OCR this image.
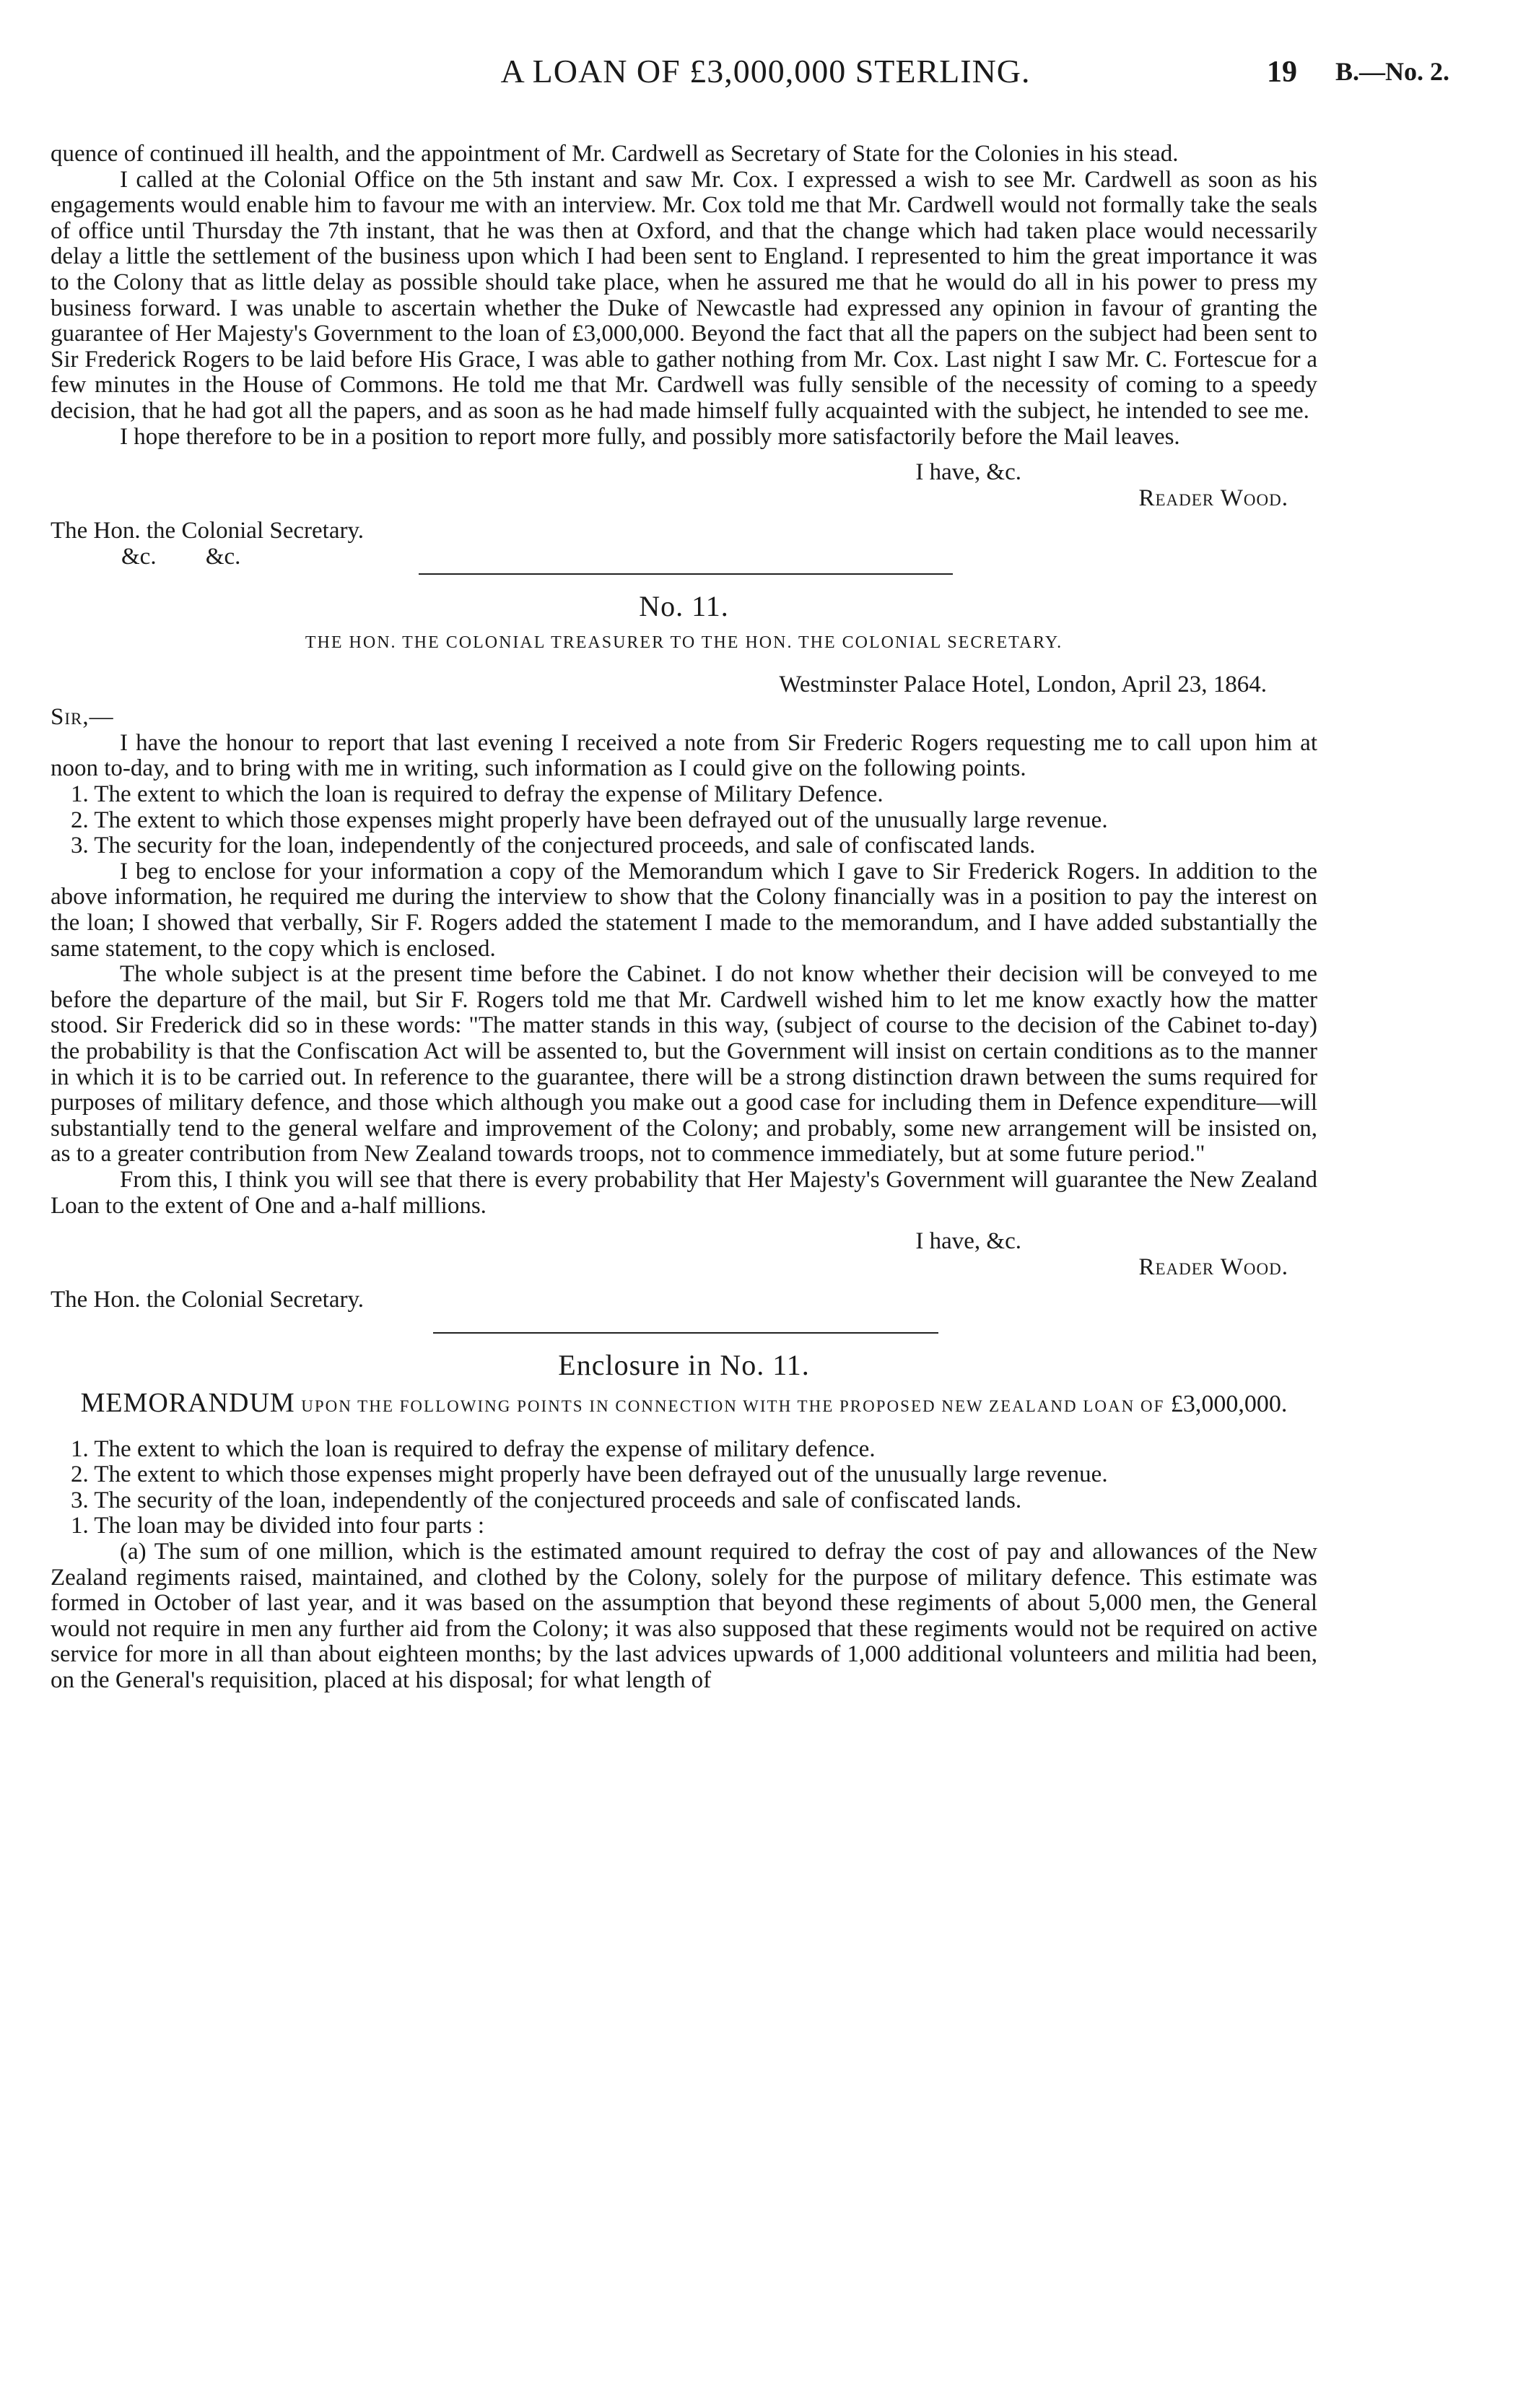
A LOAN OF £3,000,000 STERLING.	19 B.—No. 2.

quence of continued ill health, and the appointment of Mr. Cardwell as Secretary of State for the Colonies in his stead.

I called at the Colonial Office on the 5th instant and saw Mr. Cox. I expressed a wish to see Mr. Cardwell as soon as his engagements would enable him to favour me with an interview. Mr. Cox told me that Mr. Cardwell would not formally take the seals of office until Thursday the 7th instant, that he was then at Oxford, and that the change which had taken place would necessarily delay a little the settlement of the business upon which I had been sent to England. I represented to him the great importance it was to the Colony that as little delay as possible should take place, when he assured me that he would do all in his power to press my business forward. I was unable to ascertain whether the Duke of Newcastle had expressed any opinion in favour of granting the guarantee of Her Majesty's Government to the loan of £3,000,000. Beyond the fact that all the papers on the subject had been sent to Sir Frederick Rogers to be laid before His Grace, I was able to gather nothing from Mr. Cox. Last night I saw Mr. C. Fortescue for a few minutes in the House of Commons. He told me that Mr. Cardwell was fully sensible of the necessity of coming to a speedy decision, that he had got all the papers, and as soon as he had made himself fully acquainted with the subject, he intended to see me.

I hope therefore to be in a position to report more fully, and possibly more satisfactorily before the Mail leaves.

I have, &c.

Reader Wood.

The Hon. the Colonial Secretary.

&c. &c.

No. 11.
THE HON. THE COLONIAL TREASURER TO THE HON. THE COLONIAL SECRETARY.

Westminster Palace Hotel, London, April 23, 1864.

Sir,—

I have the honour to report that last evening I received a note from Sir Frederic Rogers requesting me to call upon him at noon to-day, and to bring with me in writing, such information as I could give on the following points.

1. The extent to which the loan is required to defray the expense of Military Defence.

2. The extent to which those expenses might properly have been defrayed out of the unusually large revenue.

3. The security for the loan, independently of the conjectured proceeds, and sale of confiscated lands.

I beg to enclose for your information a copy of the Memorandum which I gave to Sir Frederick Rogers. In addition to the above information, he required me during the interview to show that the Colony financially was in a position to pay the interest on the loan; I showed that verbally, Sir F. Rogers added the statement I made to the memorandum, and I have added substantially the same statement, to the copy which is enclosed.

The whole subject is at the present time before the Cabinet. I do not know whether their decision will be conveyed to me before the departure of the mail, but Sir F. Rogers told me that Mr. Cardwell wished him to let me know exactly how the matter stood. Sir Frederick did so in these words: "The matter stands in this way, (subject of course to the decision of the Cabinet to-day) the probability is that the Confiscation Act will be assented to, but the Government will insist on certain conditions as to the manner in which it is to be carried out. In reference to the guarantee, there will be a strong distinction drawn between the sums required for purposes of military defence, and those which although you make out a good case for including them in Defence expenditure—will substantially tend to the general welfare and improvement of the Colony; and probably, some new arrangement will be insisted on, as to a greater contribution from New Zealand towards troops, not to commence immediately, but at some future period."

From this, I think you will see that there is every probability that Her Majesty's Government will guarantee the New Zealand Loan to the extent of One and a-half millions.

I have, &c.

Reader Wood.

The Hon. the Colonial Secretary.

Enclosure in No. 11.
MEMORANDUM UPON THE FOLLOWING POINTS IN CONNECTION WITH THE PROPOSED NEW ZEALAND LOAN OF £3,000,000.

1. The extent to which the loan is required to defray the expense of military defence.

2. The extent to which those expenses might properly have been defrayed out of the unusually large revenue.

3. The security of the loan, independently of the conjectured proceeds and sale of confiscated lands.

1. The loan may be divided into four parts :

(a) The sum of one million, which is the estimated amount required to defray the cost of pay and allowances of the New Zealand regiments raised, maintained, and clothed by the Colony, solely for the purpose of military defence. This estimate was formed in October of last year, and it was based on the assumption that beyond these regiments of about 5,000 men, the General would not require in men any further aid from the Colony; it was also supposed that these regiments would not be required on active service for more in all than about eighteen months; by the last advices upwards of 1,000 additional volunteers and militia had been, on the General's requisition, placed at his disposal; for what length of
